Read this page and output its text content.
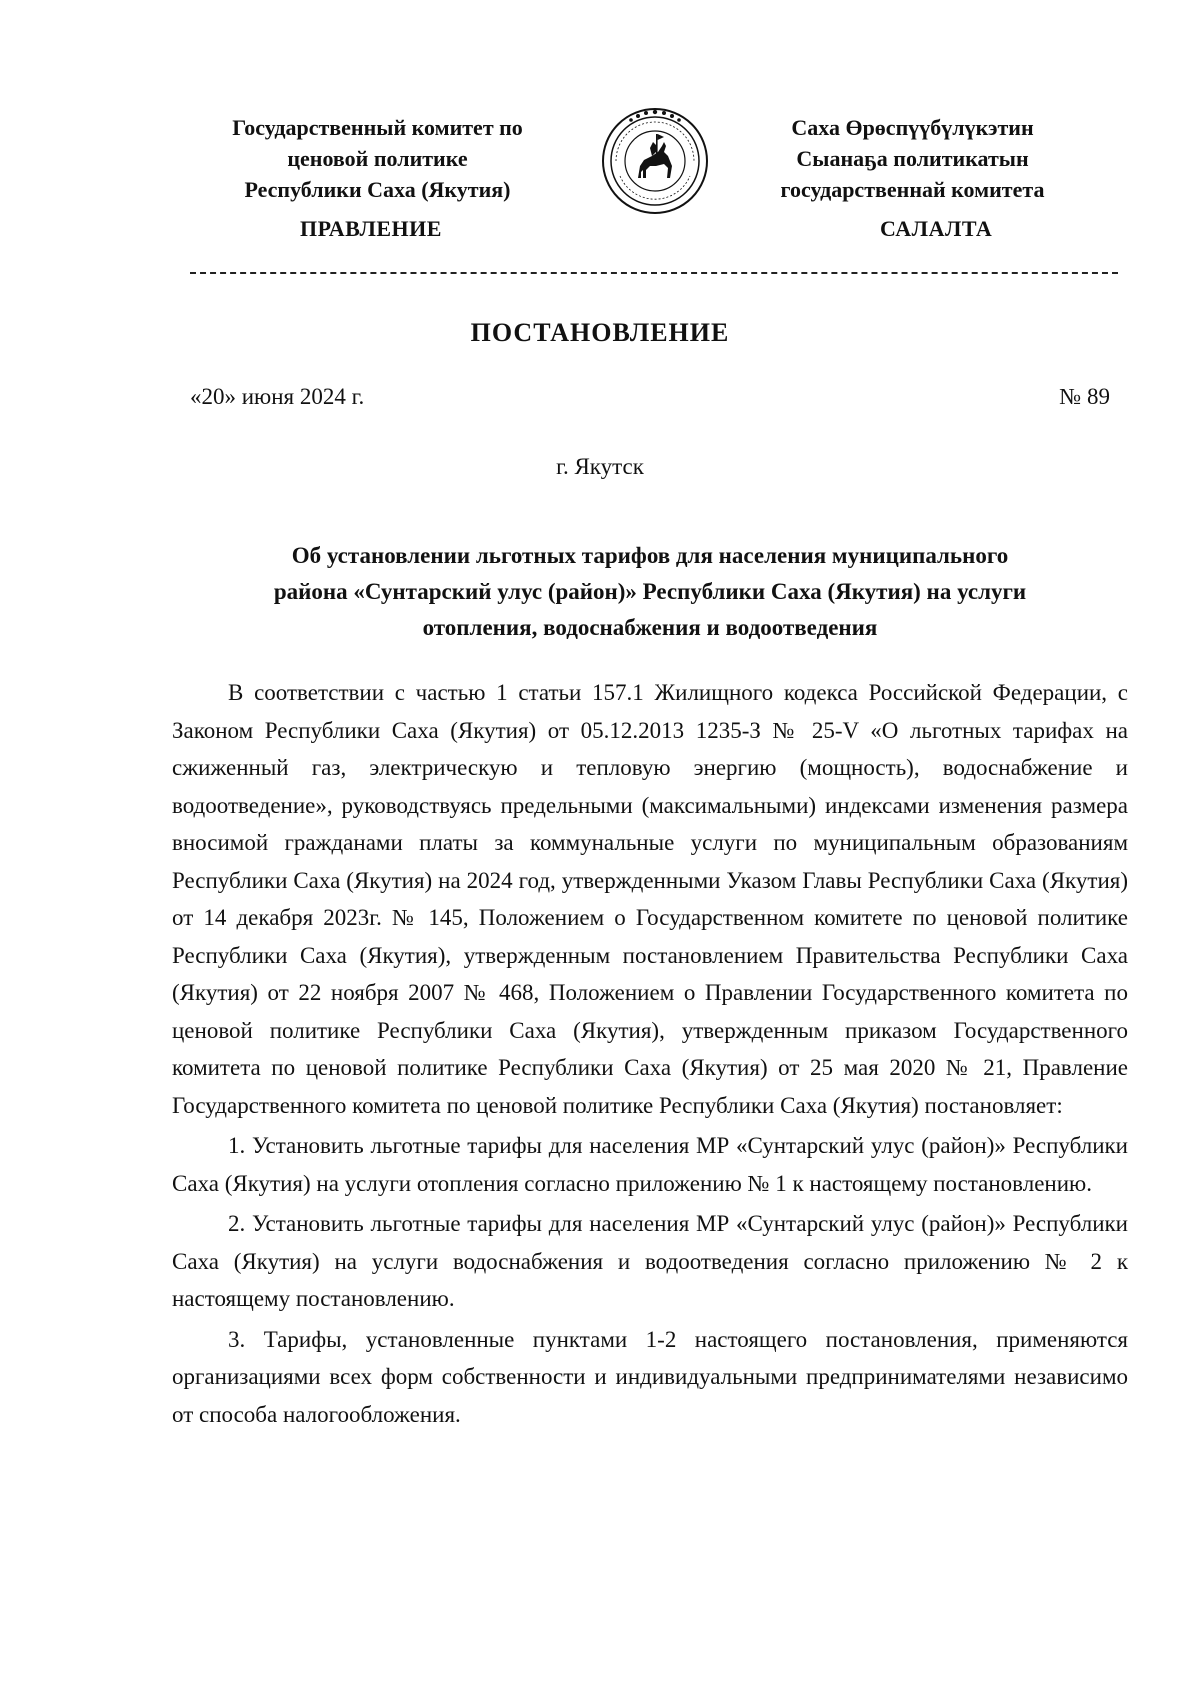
Государственный комитет по
ценовой политике
Республики Саха (Якутия)
Саха Өрөспүүбүлүкэтин
Сыанаҕа политикатын
государственнай комитета
ПРАВЛЕНИЕ	САЛАЛТА
ПОСТАНОВЛЕНИЕ
«20» июня 2024 г.	№ 89
г. Якутск
Об установлении льготных тарифов для населения муниципального
района «Сунтарский улус (район)» Республики Саха (Якутия) на услуги
отопления, водоснабжения и водоотведения

В соответствии с частью 1 статьи 157.1 Жилищного кодекса Российской Федерации, с Законом Республики Саха (Якутия) от 05.12.2013 1235-З № 25-V «О льготных тарифах на сжиженный газ, электрическую и тепловую энергию (мощность), водоснабжение и водоотведение», руководствуясь предельными (максимальными) индексами изменения размера вносимой гражданами платы за коммунальные услуги по муниципальным образованиям Республики Саха (Якутия) на 2024 год, утвержденными Указом Главы Республики Саха (Якутия) от 14 декабря 2023г. № 145, Положением о Государственном комитете по ценовой политике Республики Саха (Якутия), утвержденным постановлением Правительства Республики Саха (Якутия) от 22 ноября 2007 № 468, Положением о Правлении Государственного комитета по ценовой политике Республики Саха (Якутия), утвержденным приказом Государственного комитета по ценовой политике Республики Саха (Якутия) от 25 мая 2020 № 21, Правление Государственного комитета по ценовой политике Республики Саха (Якутия) постановляет:

1. Установить льготные тарифы для населения МР «Сунтарский улус (район)» Республики Саха (Якутия) на услуги отопления согласно приложению № 1 к настоящему постановлению.

2. Установить льготные тарифы для населения МР «Сунтарский улус (район)» Республики Саха (Якутия) на услуги водоснабжения и водоотведения согласно приложению № 2 к настоящему постановлению.

3. Тарифы, установленные пунктами 1-2 настоящего постановления, применяются организациями всех форм собственности и индивидуальными предпринимателями независимо от способа налогообложения.
